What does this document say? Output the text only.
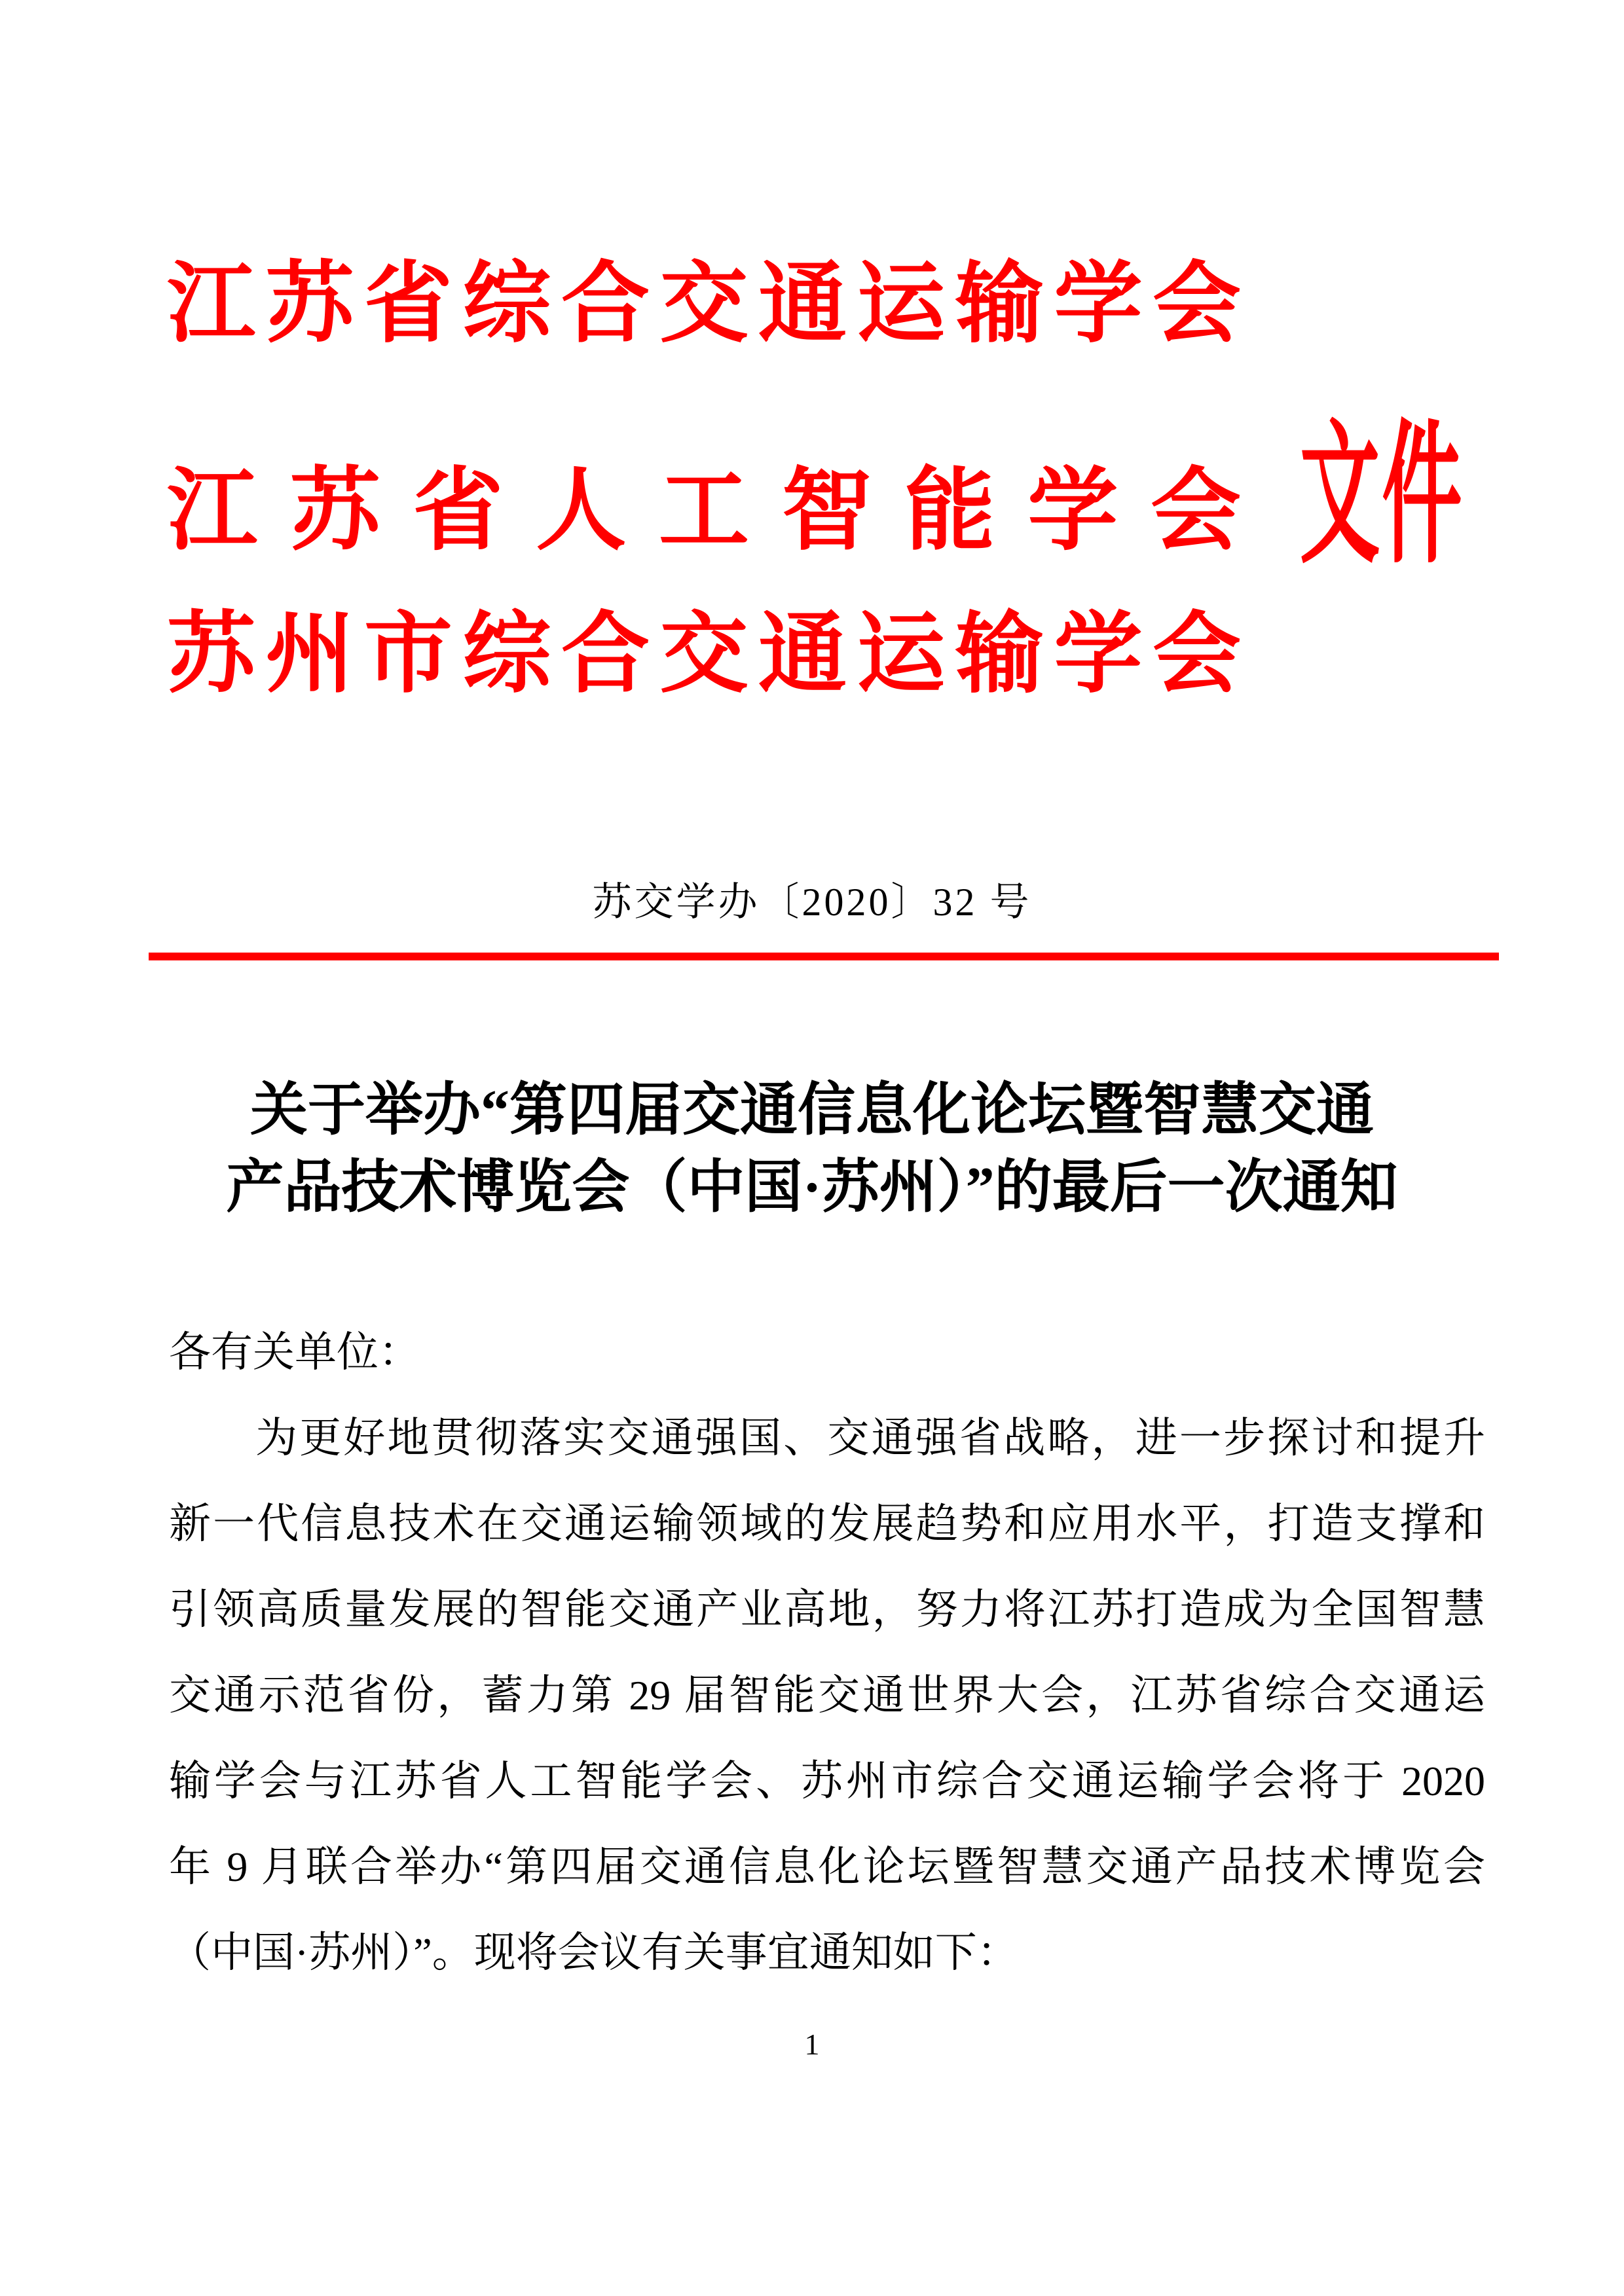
江苏省综合交通运输学会
江苏省人工智能学会
苏州市综合交通运输学会
文件
苏交学办〔2020〕32 号
关于举办“第四届交通信息化论坛暨智慧交通
产品技术博览会（中国·苏州）”的最后一次通知
各有关单位：
为更好地贯彻落实交通强国、交通强省战略，进一步探讨和提升
新一代信息技术在交通运输领域的发展趋势和应用水平，打造支撑和
引领高质量发展的智能交通产业高地，努力将江苏打造成为全国智慧
交通示范省份，蓄力第 29 届智能交通世界大会，江苏省综合交通运
输学会与江苏省人工智能学会、苏州市综合交通运输学会将于 2020
年 9 月联合举办“第四届交通信息化论坛暨智慧交通产品技术博览会
（中国·苏州）”。现将会议有关事宜通知如下：
1
